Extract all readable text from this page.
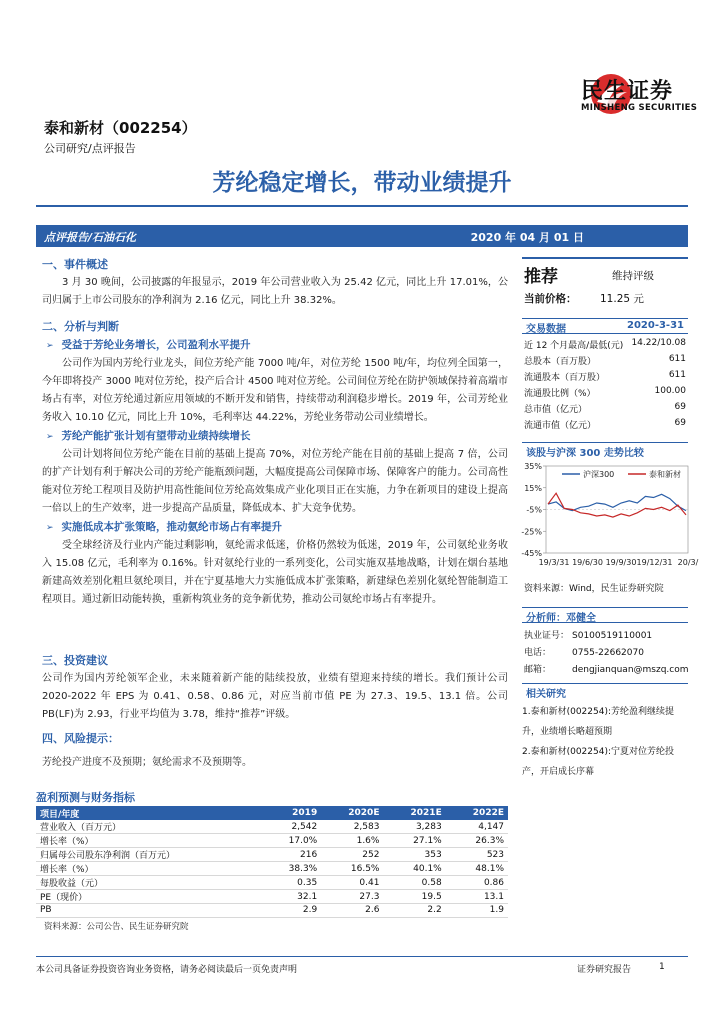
民生证券
MINSHENG SECURITIES
泰和新材（002254）
公司研究/点评报告
芳纶稳定增长，带动业绩提升
点评报告/石油石化	2020 年 04 月 01 日
一、事件概述
3 月 30 晚间，公司披露的年报显示，2019 年公司营业收入为 25.42 亿元，同比上升 17.01%，公司归属于上市公司股东的净利润为 2.16 亿元，同比上升 38.32%。
二、分析与判断
➢ 受益于芳纶业务增长，公司盈利水平提升
公司作为国内芳纶行业龙头，间位芳纶产能 7000 吨/年，对位芳纶 1500 吨/年，均位列全国第一，今年即将投产 3000 吨对位芳纶，投产后合计 4500 吨对位芳纶。公司间位芳纶在防护领域保持着高端市场占有率，对位芳纶通过新应用领域的不断开发和销售，持续带动利润稳步增长。2019 年，公司芳纶业务收入 10.10 亿元，同比上升 10%，毛利率达 44.22%，芳纶业务带动公司业绩增长。
➢ 芳纶产能扩张计划有望带动业绩持续增长
公司计划将间位芳纶产能在目前的基础上提高 70%，对位芳纶产能在目前的基础上提高 7 倍，公司的扩产计划有利于解决公司的芳纶产能瓶颈问题，大幅度提高公司保障市场、保障客户的能力。公司高性能对位芳纶工程项目及防护用高性能间位芳纶高效集成产业化项目正在实施，力争在新项目的建设上提高一倍以上的生产效率，进一步提高产品质量，降低成本、扩大竞争优势。
➢ 实施低成本扩张策略，推动氨纶市场占有率提升
受全球经济及行业内产能过剩影响，氨纶需求低迷，价格仍然较为低迷，2019 年，公司氨纶业务收入 15.08 亿元，毛利率为 0.16%。针对氨纶行业的一系列变化，公司实施双基地战略，计划在烟台基地新建高效差别化粗旦氨纶项目，并在宁夏基地大力实施低成本扩张策略，新建绿色差别化氨纶智能制造工程项目。通过新旧动能转换，重新构筑业务的竞争新优势，推动公司氨纶市场占有率提升。
三、投资建议
公司作为国内芳纶领军企业，未来随着新产能的陆续投放，业绩有望迎来持续的增长。我们预计公司 2020-2022 年 EPS 为 0.41、0.58、0.86 元，对应当前市值 PE 为 27.3、19.5、13.1 倍。公司 PB(LF)为 2.93，行业平均值为 3.78，维持“推荐”评级。
四、风险提示：
芳纶投产进度不及预期；氨纶需求不及预期等。
推荐	维持评级
当前价格： 11.25 元
交易数据	2020-3-31
近 12 个月最高/最低(元) 14.22/10.08
总股本（百万股）	611
流通股本（百万股）	611
流通股比例（%）	100.00
总市值（亿元）	69
流通市值（亿元）	69
该股与沪深 300 走势比较
35%
15%
-5%
-25%
-45%
19/3/31 19/6/30 19/9/30 19/12/31 20/3/
沪深300	泰和新材
资料来源：Wind，民生证券研究院
分析师：邓健全
执业证号： S0100519110001
电话： 0755-22662070
邮箱： dengjianquan@mszq.com
相关研究
1.泰和新材(002254):芳纶盈利继续提升，业绩增长略超预期
2.泰和新材(002254):宁夏对位芳纶投产，开启成长序幕
盈利预测与财务指标
项目/年度	2019	2020E	2021E	2022E
营业收入（百万元）	2,542	2,583	3,283	4,147
增长率（%）	17.0%	1.6%	27.1%	26.3%
归属母公司股东净利润（百万元）	216	252	353	523
增长率（%）	38.3%	16.5%	40.1%	48.1%
每股收益（元）	0.35	0.41	0.58	0.86
PE（现价）	32.1	27.3	19.5	13.1
PB	2.9	2.6	2.2	1.9
资料来源：公司公告、民生证券研究院
本公司具备证券投资咨询业务资格，请务必阅读最后一页免责声明	证券研究报告	1
